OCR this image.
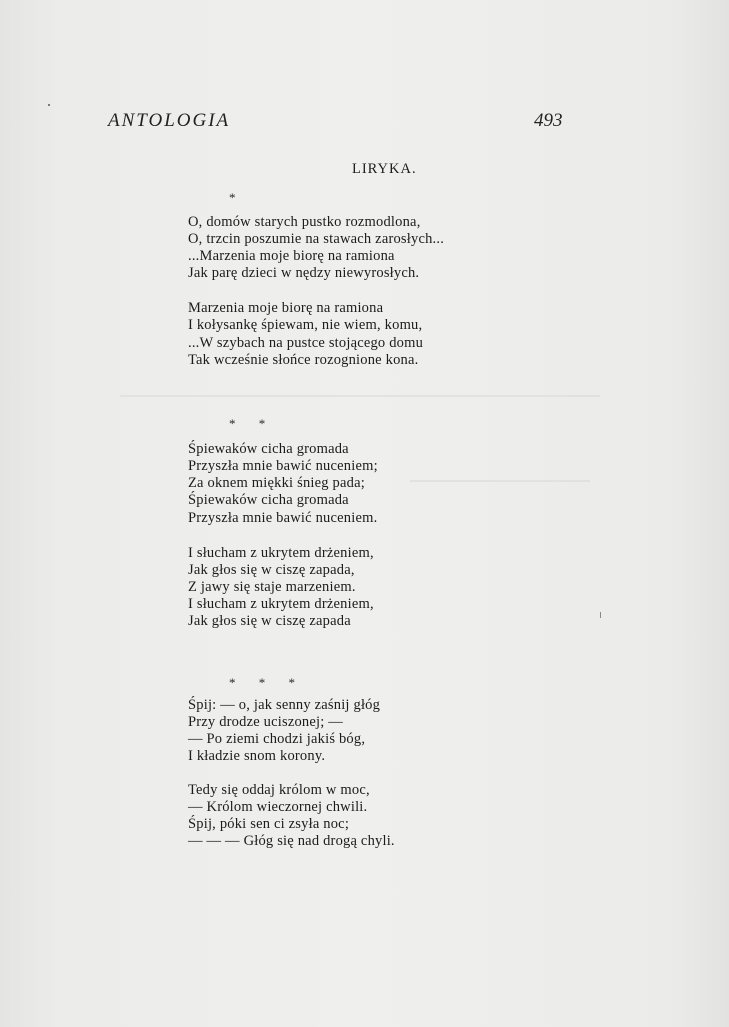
ANTOLOGIA	493
LIRYKA.
*
O, domów starych pustko rozmodlona,
O, trzcin poszumie na stawach zarosłych...
...Marzenia moje biorę na ramiona
Jak parę dzieci w nędzy niewyrosłych.
Marzenia moje biorę na ramiona
I kołysankę śpiewam, nie wiem, komu,
...W szybach na pustce stojącego domu
Tak wcześnie słońce rozognione kona.
* *
Śpiewaków cicha gromada
Przyszła mnie bawić nuceniem;
Za oknem miękki śnieg pada;
Śpiewaków cicha gromada
Przyszła mnie bawić nuceniem.
I słucham z ukrytem drżeniem,
Jak głos się w ciszę zapada,
Z jawy się staje marzeniem.
I słucham z ukrytem drżeniem,
Jak głos się w ciszę zapada
* * *
Śpij: — o, jak senny zaśnij głóg
Przy drodze uciszonej; —
— Po ziemi chodzi jakiś bóg,
I kładzie snom korony.
Tedy się oddaj królom w moc,
— Królom wieczornej chwili.
Śpij, póki sen ci zsyła noc;
— — — Głóg się nad drogą chyli.
